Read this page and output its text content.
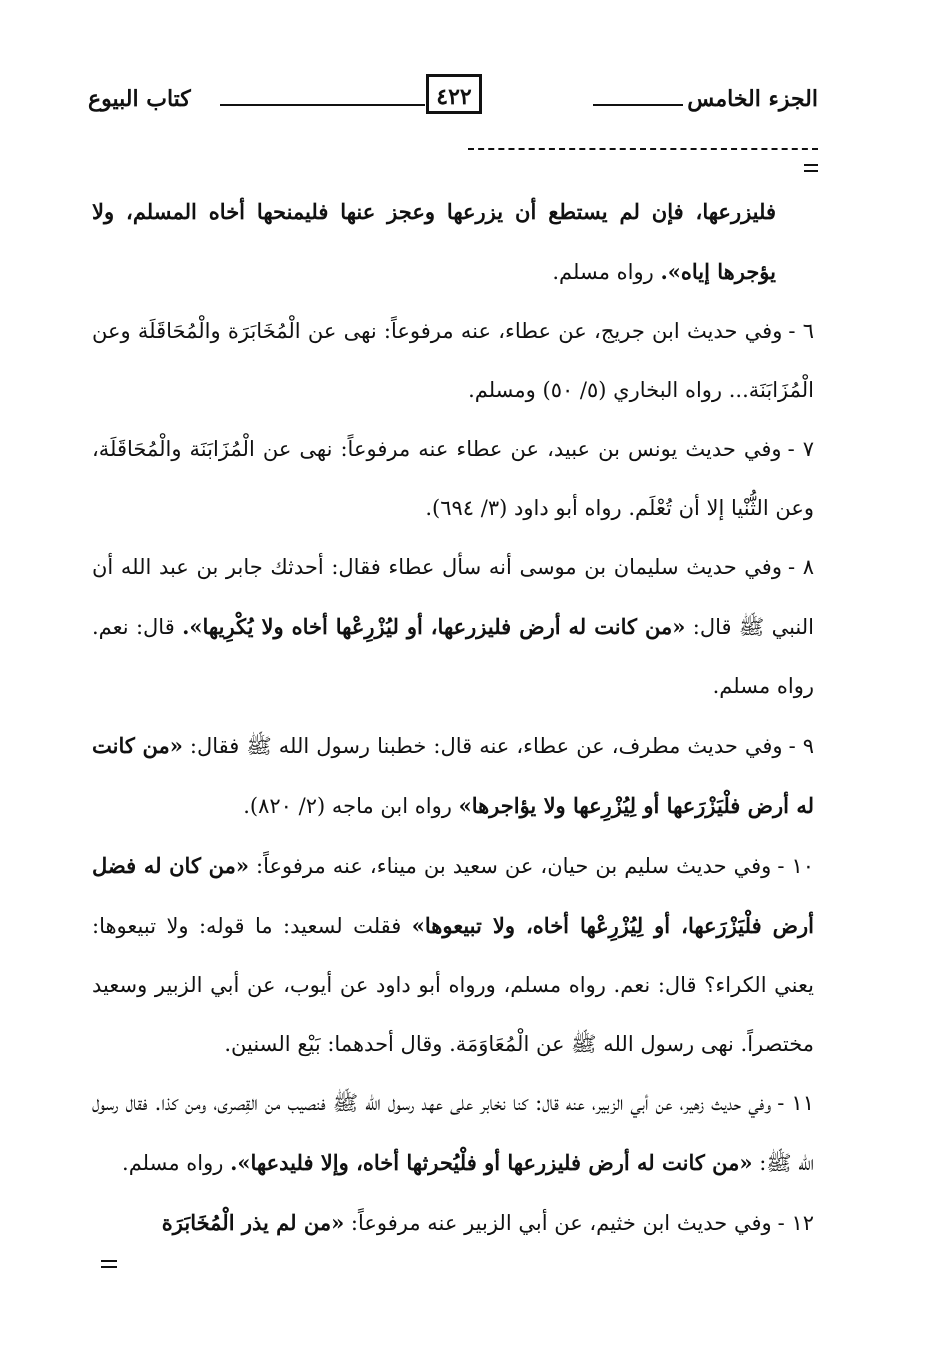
الجزء الخامس
٤٢٢
كتاب البيوع

فليزرعها، فإن لم يستطع أن يزرعها وعجز عنها فليمنحها أخاه المسلم، ولا يؤجرها إياه». رواه مسلم.

٦ -وفي حديث ابن جريج، عن عطاء، عنه مرفوعاً: نهى عن الْمُخَابَرَة والْمُحَاقَلَة وعن الْمُزَابَنَة... رواه البخاري (٥/ ٥٠) ومسلم.

٧ -وفي حديث يونس بن عبيد، عن عطاء عنه مرفوعاً: نهى عن الْمُزَابَنَة والْمُحَاقَلَة، وعن الثُّنْيا إلا أن تُعْلَم. رواه أبو داود (٣/ ٦٩٤).

٨ -وفي حديث سليمان بن موسى أنه سأل عطاء فقال: أحدثك جابر بن عبد الله أن النبي ﷺ قال: «من كانت له أرض فليزرعها، أو ليُزْرِعْها أخاه ولا يُكْرِيها». قال: نعم. رواه مسلم.

٩ -وفي حديث مطرف، عن عطاء، عنه قال: خطبنا رسول الله ﷺ فقال: «من كانت له أرض فلْيَزْرَعها أو لِيُزْرِعها ولا يؤاجرها» رواه ابن ماجه (٢/ ٨٢٠).

١٠ -وفي حديث سليم بن حيان، عن سعيد بن ميناء، عنه مرفوعاً: «من كان له فضل أرض فلْيَزْرَعها، أو لِيُزْرِعْها أخاه، ولا تبيعوها» فقلت لسعيد: ما قوله: ولا تبيعوها: يعني الكراء؟ قال: نعم. رواه مسلم، ورواه أبو داود عن أيوب، عن أبي الزبير وسعيد مختصراً. نهى رسول الله ﷺ عن الْمُعَاوَمَة. وقال أحدهما: بَيْع السنين.

١١ -وفي حديث زهير، عن أبي الزبير، عنه قال: كنا نخابر على عهد رسول الله ﷺ فنصيب من القِصرى، ومن كذا. فقال رسول الله ﷺ: «من كانت له أرض فليزرعها أو فلْيُحرثها أخاه، وإلا فليدعها». رواه مسلم.

١٢ -وفي حديث ابن خثيم، عن أبي الزبير عنه مرفوعاً: «من لم يذر الْمُخَابَرَة
